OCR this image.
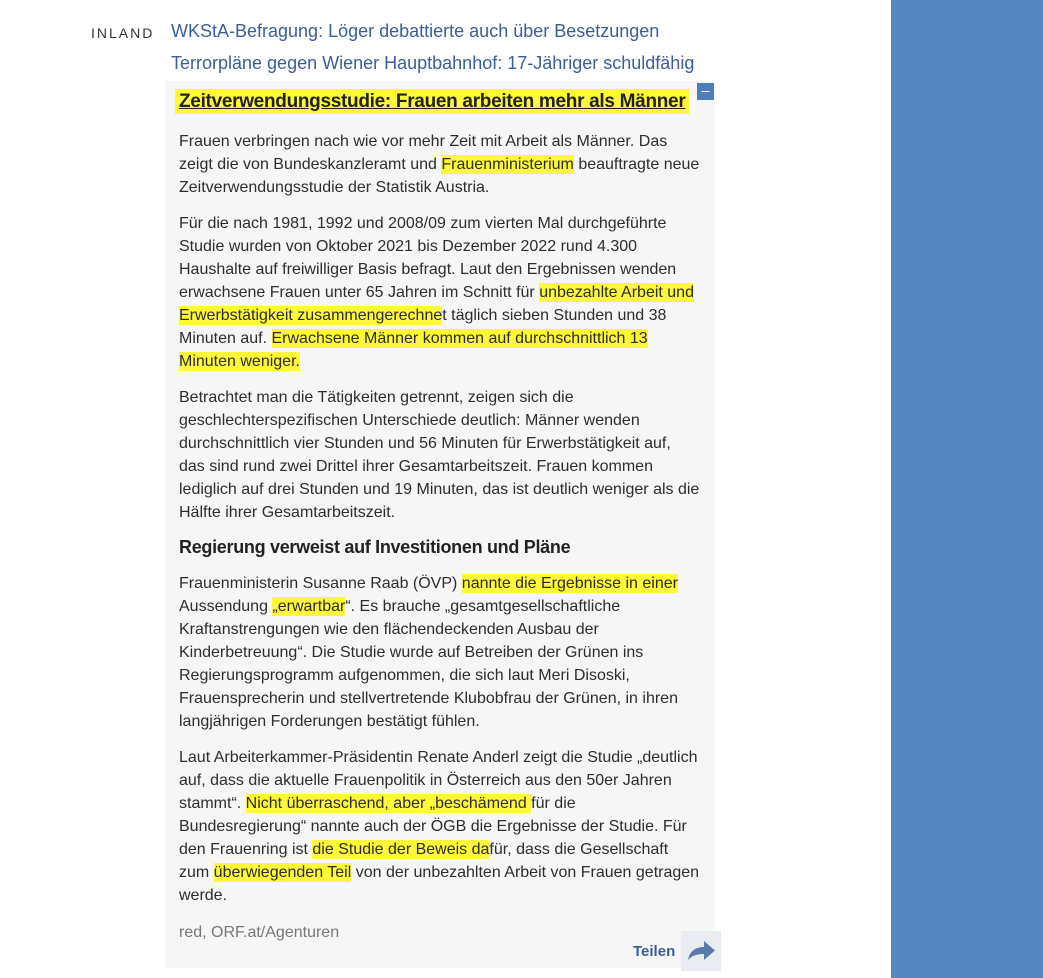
INLAND WKStA-Befragung: Löger debattierte auch über Besetzungen
Terrorpläne gegen Wiener Hauptbahnhof: 17-Jähriger schuldfähig
–
Zeitverwendungsstudie: Frauen arbeiten mehr als Männer

Frauen verbringen nach wie vor mehr Zeit mit Arbeit als Männer. Das zeigt die von Bundeskanzleramt und Frauenministerium beauftragte neue Zeitverwendungsstudie der Statistik Austria.

Für die nach 1981, 1992 und 2008/09 zum vierten Mal durchgeführte Studie wurden von Oktober 2021 bis Dezember 2022 rund 4.300 Haushalte auf freiwilliger Basis befragt. Laut den Ergebnissen wenden erwachsene Frauen unter 65 Jahren im Schnitt für unbezahlte Arbeit und Erwerbstätigkeit zusammengerechnet täglich sieben Stunden und 38 Minuten auf. Erwachsene Männer kommen auf durchschnittlich 13 Minuten weniger.

Betrachtet man die Tätigkeiten getrennt, zeigen sich die geschlechterspezifischen Unterschiede deutlich: Männer wenden durchschnittlich vier Stunden und 56 Minuten für Erwerbstätigkeit auf, das sind rund zwei Drittel ihrer Gesamtarbeitszeit. Frauen kommen lediglich auf drei Stunden und 19 Minuten, das ist deutlich weniger als die Hälfte ihrer Gesamtarbeitszeit.

Regierung verweist auf Investitionen und Pläne

Frauenministerin Susanne Raab (ÖVP) nannte die Ergebnisse in einer Aussendung „erwartbar“. Es brauche „gesamtgesellschaftliche Kraftanstrengungen wie den flächendeckenden Ausbau der Kinderbetreuung“. Die Studie wurde auf Betreiben der Grünen ins Regierungsprogramm aufgenommen, die sich laut Meri Disoski, Frauensprecherin und stellvertretende Klubobfrau der Grünen, in ihren langjährigen Forderungen bestätigt fühlen.

Laut Arbeiterkammer-Präsidentin Renate Anderl zeigt die Studie „deutlich auf, dass die aktuelle Frauenpolitik in Österreich aus den 50er Jahren stammt“. Nicht überraschend, aber „beschämend für die Bundesregierung“ nannte auch der ÖGB die Ergebnisse der Studie. Für den Frauenring ist die Studie der Beweis dafür, dass die Gesellschaft zum überwiegenden Teil von der unbezahlten Arbeit von Frauen getragen werde.

red, ORF.at/Agenturen
Teilen
